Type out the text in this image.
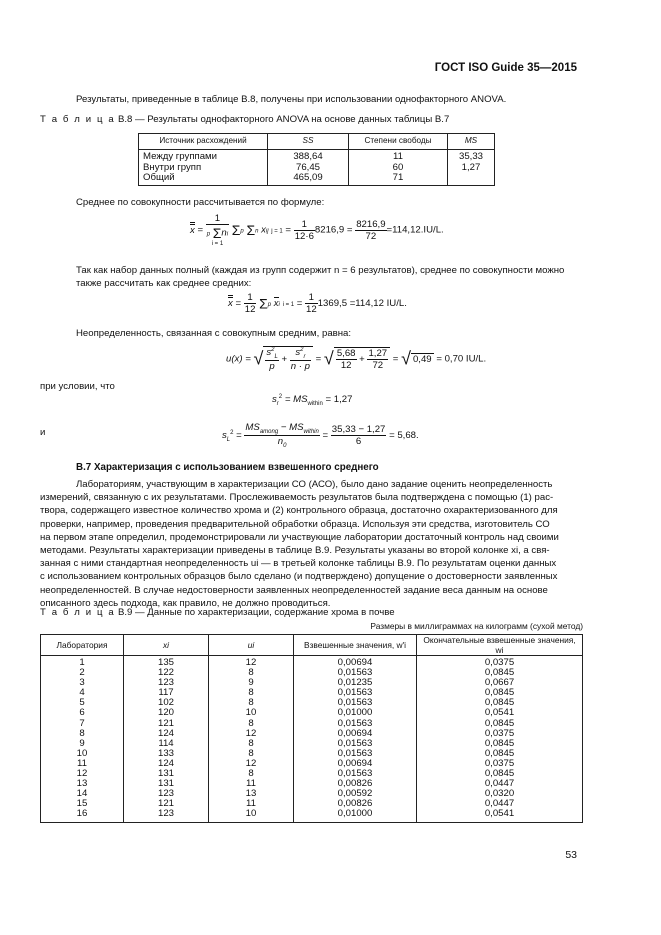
ГОСТ ISO Guide 35—2015
Результаты, приведенные в таблице В.8, получены при использовании однофакторного ANOVA.
Т а б л и ц а В.8 — Результаты однофакторного ANOVA на основе данных таблицы В.7
Источник расхождений	SS	Степени свободы	MS
Между группами	388,64	11	35,33
Внутри групп	76,45	60	1,27
Общий	465,09	71	
Среднее по совокупности рассчитывается по формуле:
x =
1
p Σni
i = 1
Σp Σn xij $j = 1 = \frac{1}{12\cdot 6} 8216,9 = \frac{8216,9}{72} =114,12.IU/L$.
Так как набор данных полный (каждая из групп содержит n = 6 результатов), среднее по совокупности можно также рассчитать как среднее средних:
$x = \frac{1}{12}$ Σp xi $i = 1 = \frac{1}{12} 1369,5 =114,12$ IU/L.
Неопределенность, связанная с совокупным средним, равна:
u(x) = √ $\frac{s^2_L}{p} + \frac{s^2_r}{n \cdot p}$ = √ $\frac{5,68}{12} + \frac{1,27}{72}$ = √ 0,49 = 0,70 IU/L.
при условии, что
$s_r^2 = MS_{within} = 1,27$
и	$s_L^2$ =
$MS_{among} - MS_{within}$
$n_0$
= $\frac{35,33 - 1,27}{6} = 5,68$.
В.7 Характеризация с использованием взвешенного среднего
Лабораториям, участвующим в характеризации СО (АСО), было дано задание оценить неопределенность
измерений, связанную с их результатами. Прослеживаемость результатов была подтверждена с помощью (1) рас-
твора, содержащего известное количество хрома и (2) контрольного образца, достаточно охарактеризованного для
проверки, например, проведения предварительной обработки образца. Используя эти средства, изготовитель СО
на первом этапе определил, продемонстрировали ли участвующие лаборатории достаточный контроль над своими
методами. Результаты характеризации приведены в таблице В.9. Результаты указаны во второй колонке xi, а свя-
занная с ними стандартная неопределенность ui — в третьей колонке таблицы В.9. По результатам оценки данных
с использованием контрольных образцов было сделано (и подтверждено) допущение о достоверности заявленных
неопределенностей. В случае недостоверности заявленных неопределенностей задание веса данным на основе
описанного здесь подхода, как правило, не должно проводиться.
Т а б л и ц а В.9 — Данные по характеризации, содержание хрома в почве
Размеры в миллиграммах на килограмм (сухой метод)
Лаборатория	xi	ui	Взвешенные значения, w'i	Окончательные взвешенные значения, wi
1	135	12	0,00694	0,0375
2	122	8	0,01563	0,0845
3	123	9	0,01235	0,0667
4	117	8	0,01563	0,0845
5	102	8	0,01563	0,0845
6	120	10	0,01000	0,0541
7	121	8	0,01563	0,0845
8	124	12	0,00694	0,0375
9	114	8	0,01563	0,0845
10	133	8	0,01563	0,0845
11	124	12	0,00694	0,0375
12	131	8	0,01563	0,0845
13	131	11	0,00826	0,0447
14	123	13	0,00592	0,0320
15	121	11	0,00826	0,0447
16	123	10	0,01000	0,0541
53
